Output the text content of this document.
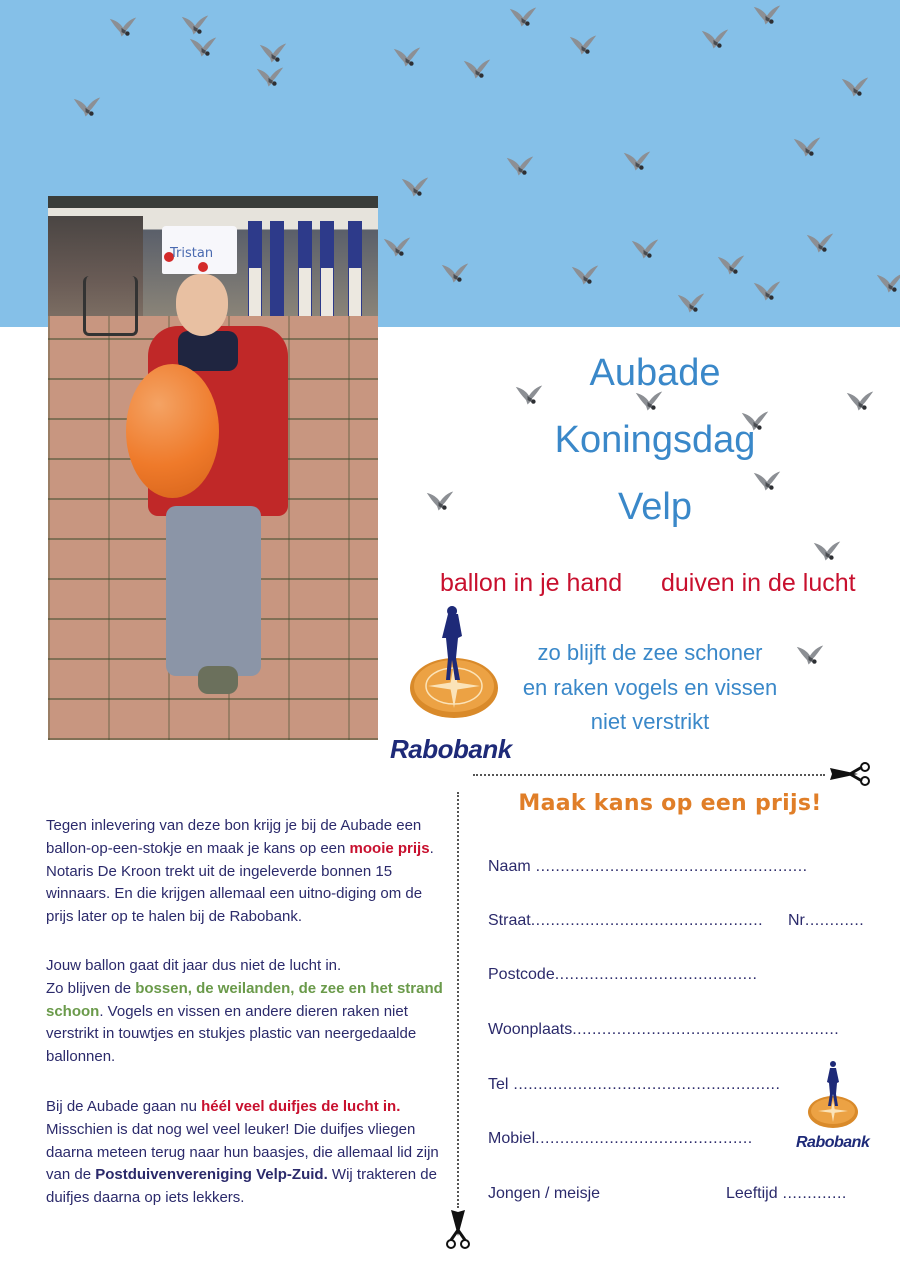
Tristan
Aubade
Koningsdag
Velp
ballon in je hand duiven in de lucht
Rabobank
zo blijft de zee schoner
en raken vogels en vissen
niet verstrikt
Tegen inlevering van deze bon krijg je bij de Aubade een ballon-op-een-stokje en maak je kans op een mooie prijs. Notaris De Kroon trekt uit de ingeleverde bonnen 15 winnaars. En die krijgen allemaal een uitno-diging om de prijs later op te halen bij de Rabobank.
Jouw ballon gaat dit jaar dus niet de lucht in.
Zo blijven de bossen, de weilanden, de zee en het strand schoon. Vogels en vissen en andere dieren raken niet verstrikt in touwtjes en stukjes plastic van neergedaalde ballonnen.
Bij de Aubade gaan nu héél veel duifjes de lucht in. Misschien is dat nog wel veel leuker! Die duifjes vliegen daarna meteen terug naar hun baasjes, die allemaal lid zijn van de Postduivenvereniging Velp-Zuid. Wij trakteren de duifjes daarna op iets lekkers.
Maak kans op een prijs!
Naam .......................................................
Straat............................................... Nr............
Postcode.........................................
Woonplaats......................................................
Tel ......................................................
Mobiel............................................
Jongen / meisje	Leeftijd .............
Rabobank
